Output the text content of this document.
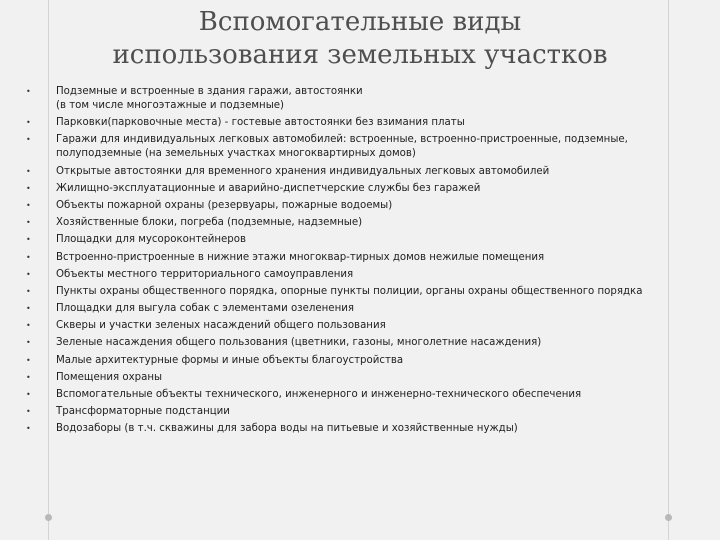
Вспомогательные виды
использования земельных участков
• Подземные и встроенные в здания гаражи, автостоянки
(в том числе многоэтажные и подземные)
• Парковки(парковочные места) - гостевые автостоянки без взимания платы
• Гаражи для индивидуальных легковых автомобилей: встроенные, встроенно-пристроенные, подземные, полуподземные (на земельных участках многоквартирных домов)
• Открытые автостоянки для временного хранения индивидуальных легковых автомобилей
• Жилищно-эксплуатационные и аварийно-диспетчерские службы без гаражей
• Объекты пожарной охраны (резервуары, пожарные водоемы)
• Хозяйственные блоки, погреба (подземные, надземные)
• Площадки для мусороконтейнеров
• Встроенно-пристроенные в нижние этажи многоквар-тирных домов нежилые помещения
• Объекты местного территориального самоуправления
• Пункты охраны общественного порядка, опорные пункты полиции, органы охраны общественного порядка
• Площадки для выгула собак с элементами озеленения
• Скверы и участки зеленых насаждений общего пользования
• Зеленые насаждения общего пользования (цветники, газоны, многолетние насаждения)
• Малые архитектурные формы и иные объекты благоустройства
• Помещения охраны
• Вспомогательные объекты технического, инженерного и инженерно-технического обеспечения
• Трансформаторные подстанции
• Водозаборы (в т.ч. скважины для забора воды на питьевые и хозяйственные нужды)
